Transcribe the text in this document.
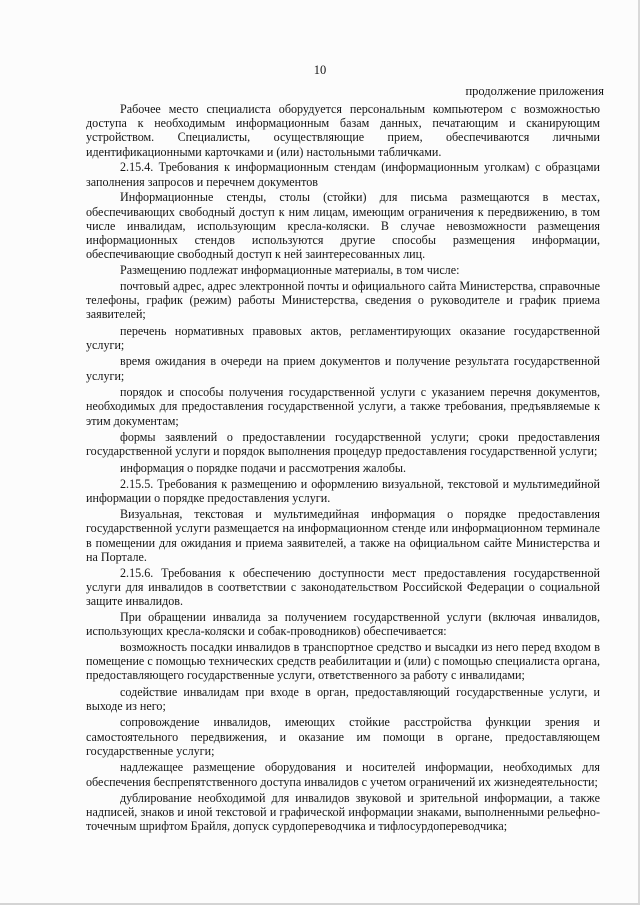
10
продолжение приложения

Рабочее место специалиста оборудуется персональным компьютером с возможностью доступа к необходимым информационным базам данных, печатающим и сканирующим устройством. Специалисты, осуществляющие прием, обеспечиваются личными идентификационными карточками и (или) настольными табличками.

2.15.4. Требования к информационным стендам (информационным уголкам) с образцами заполнения запросов и перечнем документов

Информационные стенды, столы (стойки) для письма размещаются в местах, обеспечивающих свободный доступ к ним лицам, имеющим ограничения к передвижению, в том числе инвалидам, использующим кресла-коляски. В случае невозможности размещения информационных стендов используются другие способы размещения информации, обеспечивающие свободный доступ к ней заинтересованных лиц.

Размещению подлежат информационные материалы, в том числе:

почтовый адрес, адрес электронной почты и официального сайта Министерства, справочные телефоны, график (режим) работы Министерства, сведения о руководителе и график приема заявителей;

перечень нормативных правовых актов, регламентирующих оказание государственной услуги;

время ожидания в очереди на прием документов и получение результата государственной услуги;

порядок и способы получения государственной услуги с указанием перечня документов, необходимых для предоставления государственной услуги, а также требования, предъявляемые к этим документам;

формы заявлений о предоставлении государственной услуги; сроки предоставления государственной услуги и порядок выполнения процедур предоставления государственной услуги;

информация о порядке подачи и рассмотрения жалобы.

2.15.5. Требования к размещению и оформлению визуальной, текстовой и мультимедийной информации о порядке предоставления услуги.

Визуальная, текстовая и мультимедийная информация о порядке предоставления государственной услуги размещается на информационном стенде или информационном терминале в помещении для ожидания и приема заявителей, а также на официальном сайте Министерства и на Портале.

2.15.6. Требования к обеспечению доступности мест предоставления государственной услуги для инвалидов в соответствии с законодательством Российской Федерации о социальной защите инвалидов.

При обращении инвалида за получением государственной услуги (включая инвалидов, использующих кресла-коляски и собак-проводников) обеспечивается:

возможность посадки инвалидов в транспортное средство и высадки из него перед входом в помещение с помощью технических средств реабилитации и (или) с помощью специалиста органа, предоставляющего государственные услуги, ответственного за работу с инвалидами;

содействие инвалидам при входе в орган, предоставляющий государственные услуги, и выходе из него;

сопровождение инвалидов, имеющих стойкие расстройства функции зрения и самостоятельного передвижения, и оказание им помощи в органе, предоставляющем государственные услуги;

надлежащее размещение оборудования и носителей информации, необходимых для обеспечения беспрепятственного доступа инвалидов с учетом ограничений их жизнедеятельности;

дублирование необходимой для инвалидов звуковой и зрительной информации, а также надписей, знаков и иной текстовой и графической информации знаками, выполненными рельефно-точечным шрифтом Брайля, допуск сурдопереводчика и тифлосурдопереводчика;
